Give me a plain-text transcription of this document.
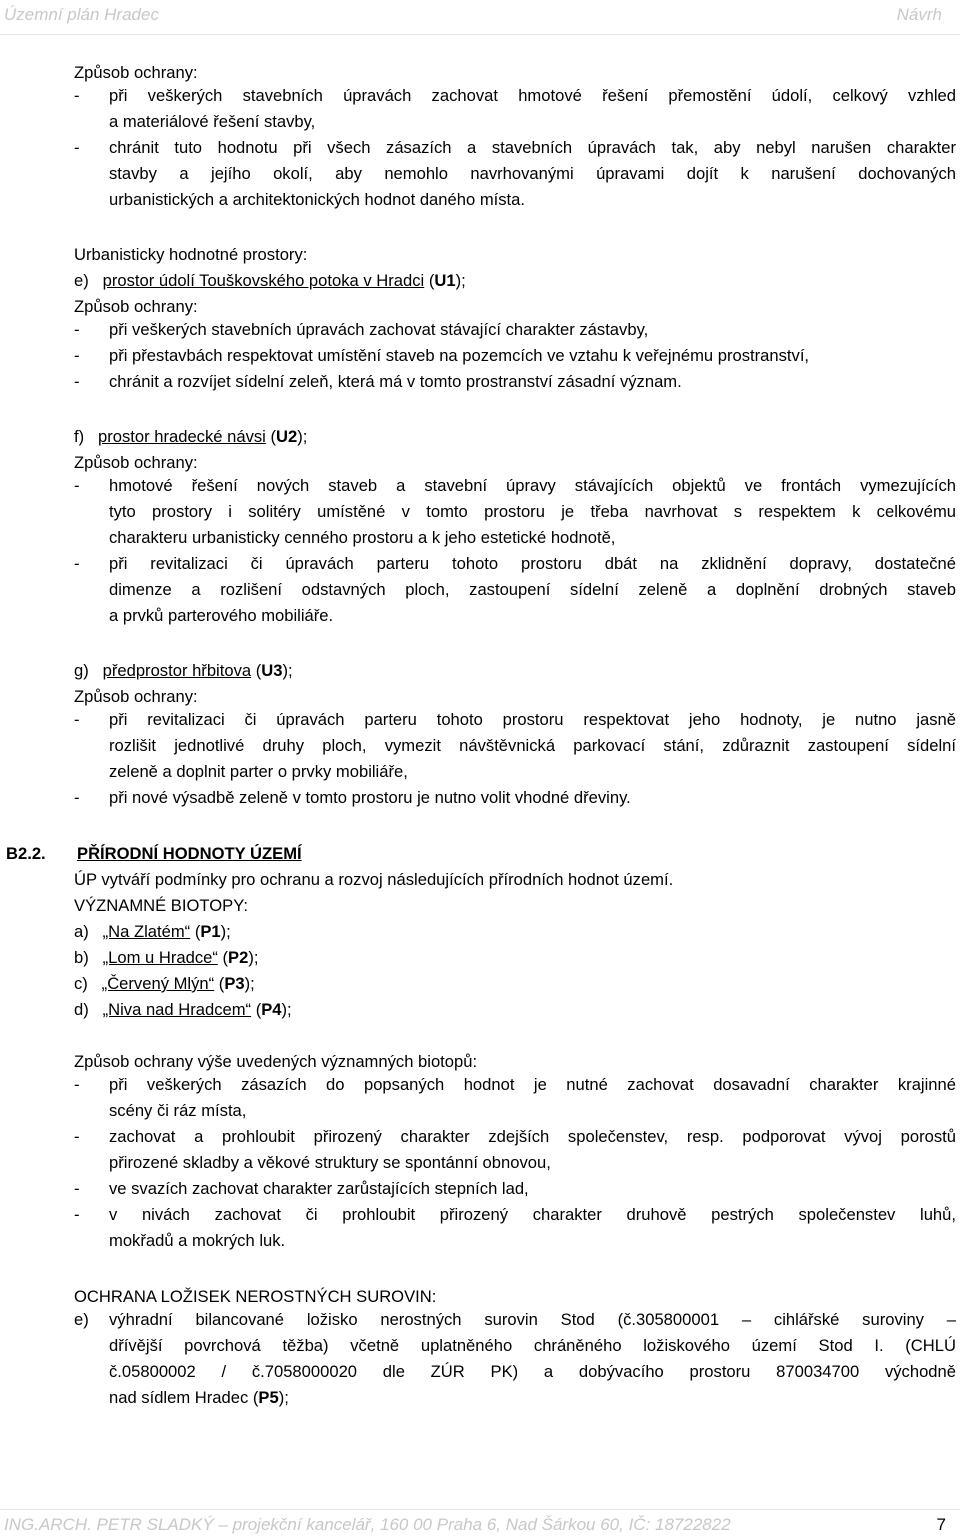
Územní plán Hradec	Návrh
Způsob ochrany:
- při veškerých stavebních úpravách zachovat hmotové řešení přemostění údolí, celkový vzhled
a materiálové řešení stavby,
- chránit tuto hodnotu při všech zásazích a stavebních úpravách tak, aby nebyl narušen charakter
stavby a jejího okolí, aby nemohlo navrhovanými úpravami dojít k narušení dochovaných
urbanistických a architektonických hodnot daného místa.
Urbanisticky hodnotné prostory:
e) prostor údolí Touškovského potoka v Hradci (U1);
Způsob ochrany:
- při veškerých stavebních úpravách zachovat stávající charakter zástavby,
- při přestavbách respektovat umístění staveb na pozemcích ve vztahu k veřejnému prostranství,
- chránit a rozvíjet sídelní zeleň, která má v tomto prostranství zásadní význam.
f) prostor hradecké návsi (U2);
Způsob ochrany:
- hmotové řešení nových staveb a stavební úpravy stávajících objektů ve frontách vymezujících
tyto prostory i solitéry umístěné v tomto prostoru je třeba navrhovat s respektem k celkovému
charakteru urbanisticky cenného prostoru a k jeho estetické hodnotě,
- při revitalizaci či úpravách parteru tohoto prostoru dbát na zklidnění dopravy, dostatečné
dimenze a rozlišení odstavných ploch, zastoupení sídelní zeleně a doplnění drobných staveb
a prvků parterového mobiliáře.
g) předprostor hřbitova (U3);
Způsob ochrany:
- při revitalizaci či úpravách parteru tohoto prostoru respektovat jeho hodnoty, je nutno jasně
rozlišit jednotlivé druhy ploch, vymezit návštěvnická parkovací stání, zdůraznit zastoupení sídelní
zeleně a doplnit parter o prvky mobiliáře,
- při nové výsadbě zeleně v tomto prostoru je nutno volit vhodné dřeviny.
B2.2. PŘÍRODNÍ HODNOTY ÚZEMÍ
ÚP vytváří podmínky pro ochranu a rozvoj následujících přírodních hodnot území.
VÝZNAMNÉ BIOTOPY:
a) „Na Zlatém“ (P1);
b) „Lom u Hradce“ (P2);
c) „Červený Mlýn“ (P3);
d) „Niva nad Hradcem“ (P4);
Způsob ochrany výše uvedených významných biotopů:
- při veškerých zásazích do popsaných hodnot je nutné zachovat dosavadní charakter krajinné
scény či ráz místa,
- zachovat a prohloubit přirozený charakter zdejších společenstev, resp. podporovat vývoj porostů
přirozené skladby a věkové struktury se spontánní obnovou,
- ve svazích zachovat charakter zarůstajících stepních lad,
- v nivách zachovat či prohloubit přirozený charakter druhově pestrých společenstev luhů,
mokřadů a mokrých luk.
OCHRANA LOŽISEK NEROSTNÝCH SUROVIN:
e) výhradní bilancované ložisko nerostných surovin Stod (č.305800001 – cihlářské suroviny –
dřívější povrchová těžba) včetně uplatněného chráněného ložiskového území Stod I. (CHLÚ
č.05800002 / č.7058000020 dle ZÚR PK) a dobývacího prostoru 870034700 východně
nad sídlem Hradec (P5);
ING.ARCH. PETR SLADKÝ – projekční kancelář, 160 00 Praha 6, Nad Šárkou 60, IČ: 18722822	7
